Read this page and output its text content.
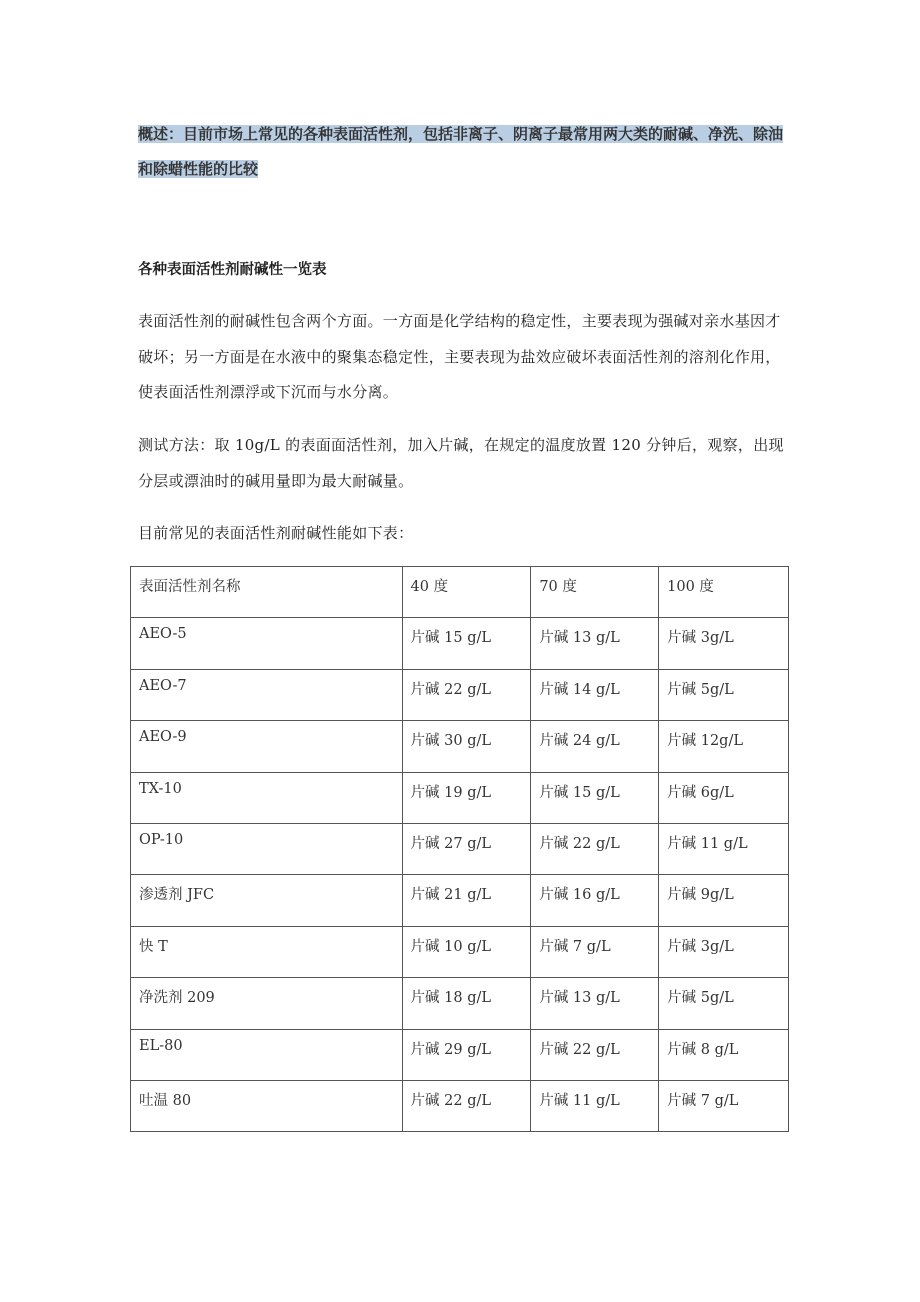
概述：目前市场上常见的各种表面活性剂，包括非离子、阴离子最常用两大类的耐碱、净洗、除油和除蜡性能的比较
各种表面活性剂耐碱性一览表
表面活性剂的耐碱性包含两个方面。一方面是化学结构的稳定性，主要表现为强碱对亲水基因才破坏；另一方面是在水液中的聚集态稳定性，主要表现为盐效应破坏表面活性剂的溶剂化作用，使表面活性剂漂浮或下沉而与水分离。
测试方法：取 10g/L 的表面面活性剂，加入片碱，在规定的温度放置 120 分钟后，观察，出现分层或漂油时的碱用量即为最大耐碱量。
目前常见的表面活性剂耐碱性能如下表：
表面活性剂名称	40 度	70 度	100 度
AEO-5	片碱 15 g/L	片碱 13 g/L	片碱 3g/L
AEO-7	片碱 22 g/L	片碱 14 g/L	片碱 5g/L
AEO-9	片碱 30 g/L	片碱 24 g/L	片碱 12g/L
TX-10	片碱 19 g/L	片碱 15 g/L	片碱 6g/L
OP-10	片碱 27 g/L	片碱 22 g/L	片碱 11 g/L
渗透剂 JFC	片碱 21 g/L	片碱 16 g/L	片碱 9g/L
快 T	片碱 10 g/L	片碱 7 g/L	片碱 3g/L
净洗剂 209	片碱 18 g/L	片碱 13 g/L	片碱 5g/L
EL-80	片碱 29 g/L	片碱 22 g/L	片碱 8 g/L
吐温 80	片碱 22 g/L	片碱 11 g/L	片碱 7 g/L
